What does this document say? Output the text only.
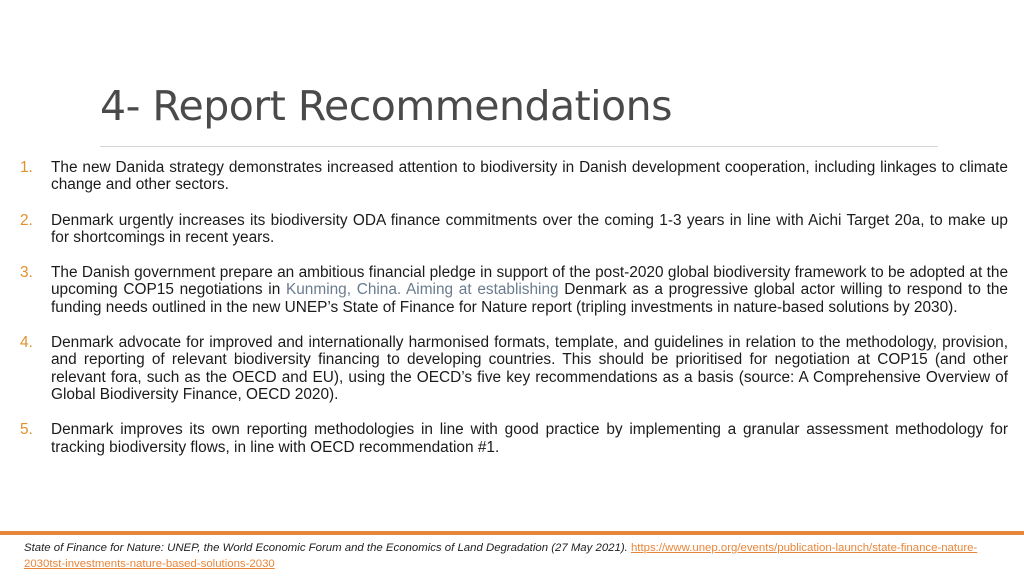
4- Report Recommendations
1.	The new Danida strategy demonstrates increased attention to biodiversity in Danish development cooperation, including linkages to climate change and other sectors.
2.	Denmark urgently increases its biodiversity ODA finance commitments over the coming 1-3 years in line with Aichi Target 20a, to make up for shortcomings in recent years.
3.	The Danish government prepare an ambitious financial pledge in support of the post-2020 global biodiversity framework to be adopted at the upcoming COP15 negotiations in Kunming, China. Aiming at establishing Denmark as a progressive global actor willing to respond to the funding needs outlined in the new UNEP’s State of Finance for Nature report (tripling investments in nature-based solutions by 2030).
4.	Denmark advocate for improved and internationally harmonised formats, template, and guidelines in relation to the methodology, provision, and reporting of relevant biodiversity financing to developing countries. This should be prioritised for negotiation at COP15 (and other relevant fora, such as the OECD and EU), using the OECD’s five key recommendations as a basis (source: A Comprehensive Overview of Global Biodiversity Finance, OECD 2020).
5.	Denmark improves its own reporting methodologies in line with good practice by implementing a granular assessment methodology for tracking biodiversity flows, in line with OECD recommendation #1.
State of Finance for Nature: UNEP, the World Economic Forum and the Economics of Land Degradation (27 May 2021). https://www.unep.org/events/publication-launch/state-finance-nature-2030tst-investments-nature-based-solutions-2030
